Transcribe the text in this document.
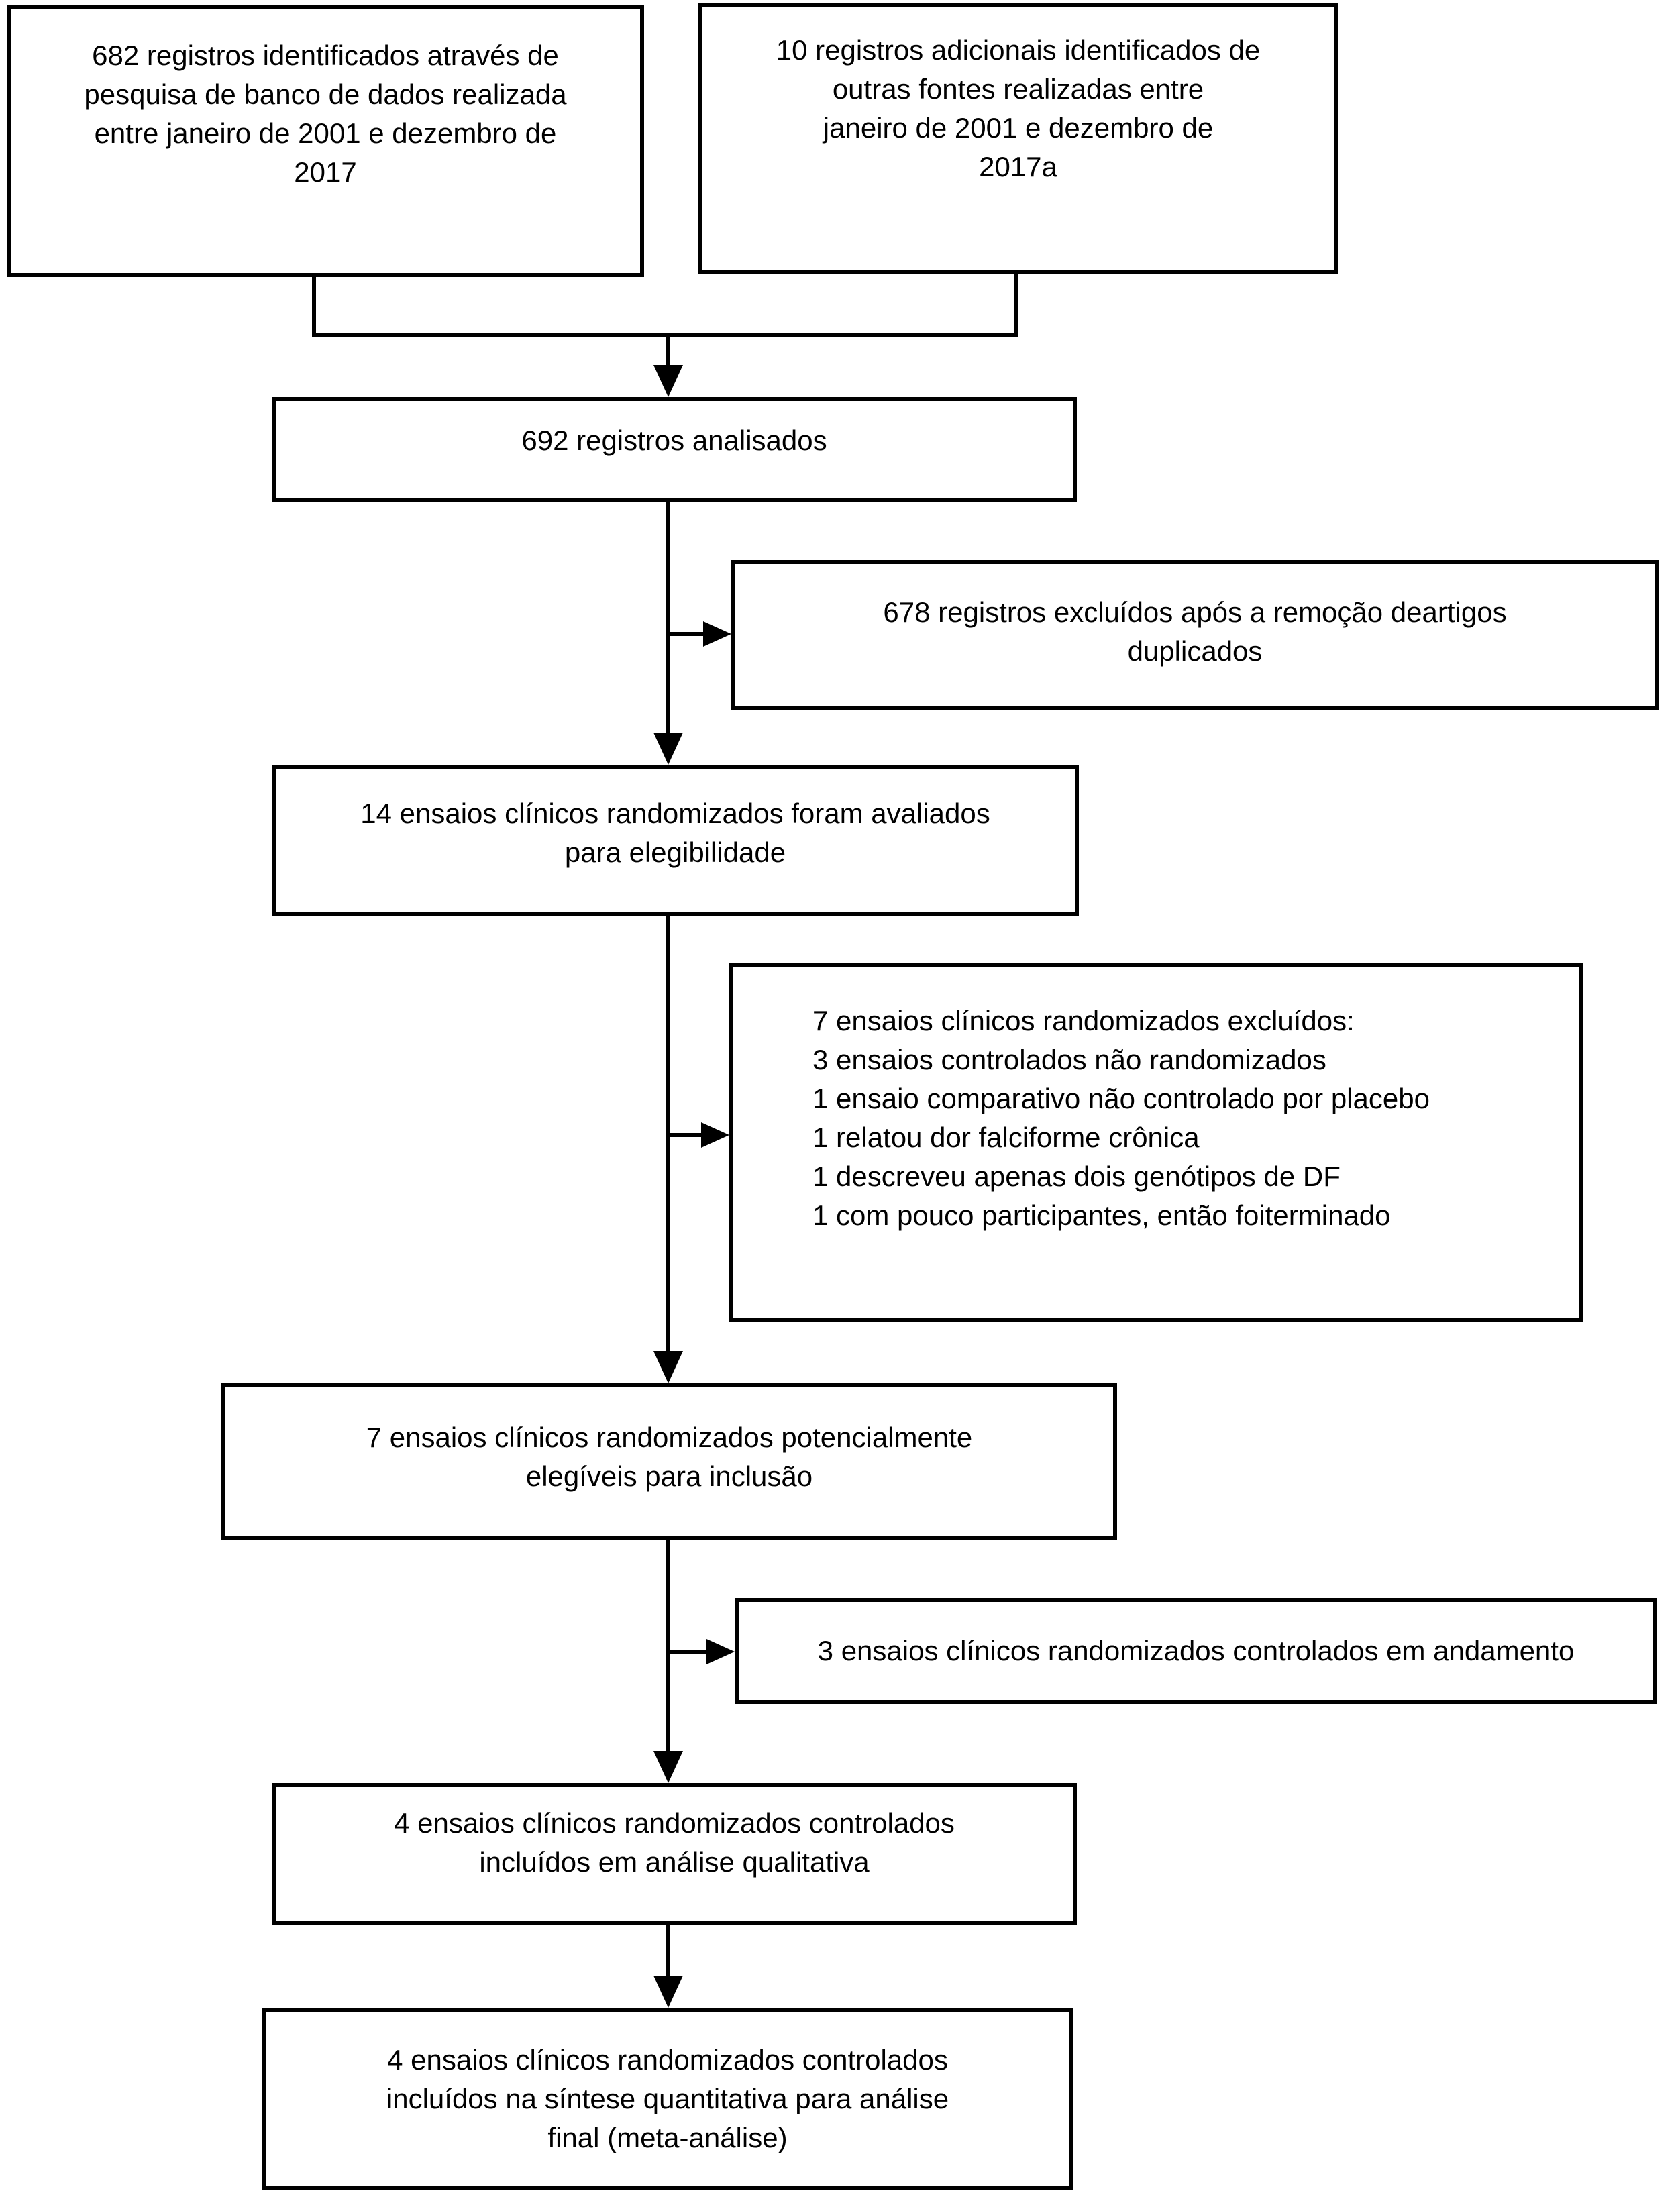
682 registros identificados através de
pesquisa de banco de dados realizada
entre janeiro de 2001 e dezembro de
2017
10 registros adicionais identificados de
outras fontes realizadas entre
janeiro de 2001 e dezembro de
2017a
692 registros analisados
678 registros excluídos após a remoção deartigos
duplicados
14 ensaios clínicos randomizados foram avaliados
para elegibilidade
7 ensaios clínicos randomizados excluídos:
3 ensaios controlados não randomizados
1 ensaio comparativo não controlado por placebo
1 relatou dor falciforme crônica
1 descreveu apenas dois genótipos de DF
1 com pouco participantes, então foiterminado
7 ensaios clínicos randomizados potencialmente
elegíveis para inclusão
3 ensaios clínicos randomizados controlados em andamento
4 ensaios clínicos randomizados controlados
incluídos em análise qualitativa
4 ensaios clínicos randomizados controlados
incluídos na síntese quantitativa para análise
final (meta-análise)
